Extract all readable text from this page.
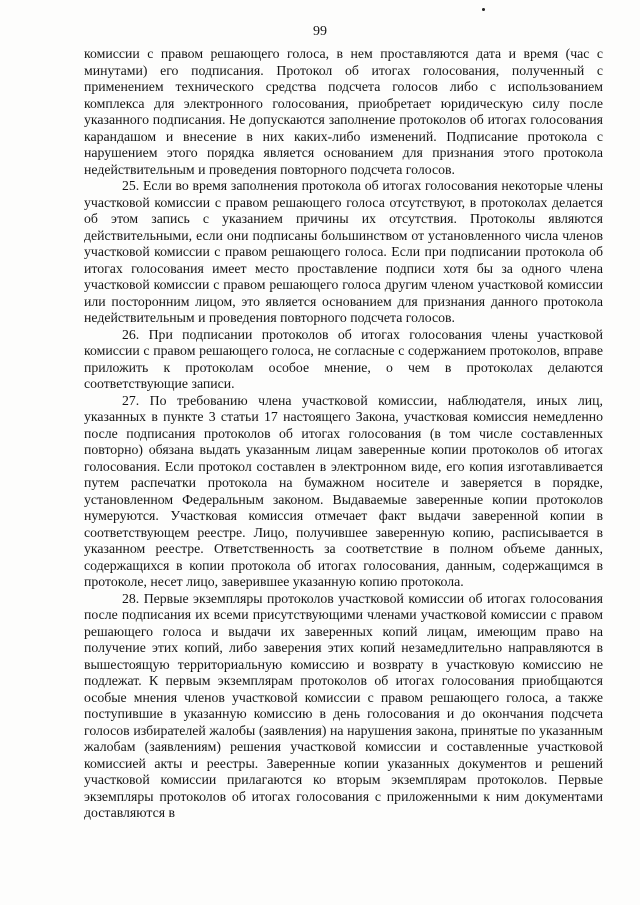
99

комиссии с правом решающего голоса, в нем проставляются дата и время (час с минутами) его подписания. Протокол об итогах голосования, полученный с применением технического средства подсчета голосов либо с использованием комплекса для электронного голосования, приобретает юридическую силу после указанного подписания. Не допускаются заполнение протоколов об итогах голосования карандашом и внесение в них каких-либо изменений. Подписание протокола с нарушением этого порядка является основанием для признания этого протокола недействительным и проведения повторного подсчета голосов.

25. Если во время заполнения протокола об итогах голосования некоторые члены участковой комиссии с правом решающего голоса отсутствуют, в протоколах делается об этом запись с указанием причины их отсутствия. Протоколы являются действительными, если они подписаны большинством от установленного числа членов участковой комиссии с правом решающего голоса. Если при подписании протокола об итогах голосования имеет место проставление подписи хотя бы за одного члена участковой комиссии с правом решающего голоса другим членом участковой комиссии или посторонним лицом, это является основанием для признания данного протокола недействительным и проведения повторного подсчета голосов.

26. При подписании протоколов об итогах голосования члены участковой комиссии с правом решающего голоса, не согласные с содержанием протоколов, вправе приложить к протоколам особое мнение, о чем в протоколах делаются соответствующие записи.

27. По требованию члена участковой комиссии, наблюдателя, иных лиц, указанных в пункте 3 статьи 17 настоящего Закона, участковая комиссия немедленно после подписания протоколов об итогах голосования (в том числе составленных повторно) обязана выдать указанным лицам заверенные копии протоколов об итогах голосования. Если протокол составлен в электронном виде, его копия изготавливается путем распечатки протокола на бумажном носителе и заверяется в порядке, установленном Федеральным законом. Выдаваемые заверенные копии протоколов нумеруются. Участковая комиссия отмечает факт выдачи заверенной копии в соответствующем реестре. Лицо, получившее заверенную копию, расписывается в указанном реестре. Ответственность за соответствие в полном объеме данных, содержащихся в копии протокола об итогах голосования, данным, содержащимся в протоколе, несет лицо, заверившее указанную копию протокола.

28. Первые экземпляры протоколов участковой комиссии об итогах голосования после подписания их всеми присутствующими членами участковой комиссии с правом решающего голоса и выдачи их заверенных копий лицам, имеющим право на получение этих копий, либо заверения этих копий незамедлительно направляются в вышестоящую территориальную комиссию и возврату в участковую комиссию не подлежат. К первым экземплярам протоколов об итогах голосования приобщаются особые мнения членов участковой комиссии с правом решающего голоса, а также поступившие в указанную комиссию в день голосования и до окончания подсчета голосов избирателей жалобы (заявления) на нарушения закона, принятые по указанным жалобам (заявлениям) решения участковой комиссии и составленные участковой комиссией акты и реестры. Заверенные копии указанных документов и решений участковой комиссии прилагаются ко вторым экземплярам протоколов. Первые экземпляры протоколов об итогах голосования с приложенными к ним документами доставляются в
